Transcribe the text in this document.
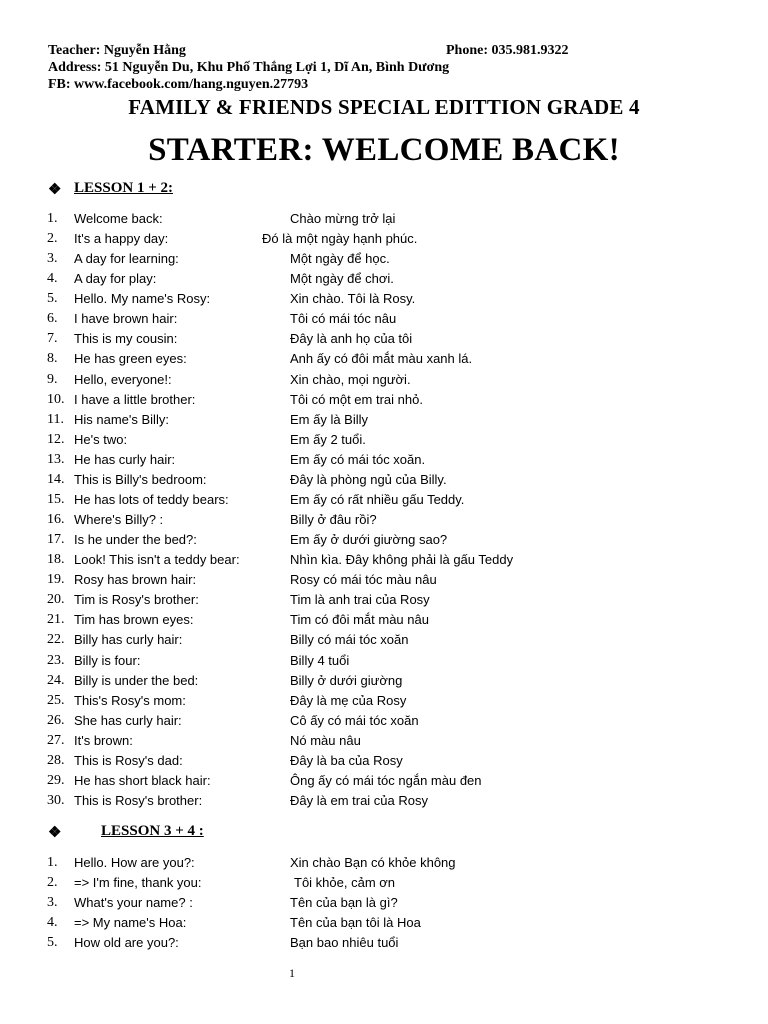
Teacher: Nguyễn Hằng	Phone: 035.981.9322
Address: 51 Nguyễn Du, Khu Phố Thắng Lợi 1, Dĩ An, Bình Dương
FB: www.facebook.com/hang.nguyen.27793
FAMILY & FRIENDS SPECIAL EDITTION GRADE 4
STARTER: WELCOME BACK!
❖ LESSON 1 + 2:
1. Welcome back:	Chào mừng trở lại
2. It's a happy day:	Đó là một ngày hạnh phúc.
3. A day for learning:	Một ngày để học.
4. A day for play:	Một ngày để chơi.
5. Hello. My name's Rosy:	Xin chào. Tôi là Rosy.
6. I have brown hair:	Tôi có mái tóc nâu
7. This is my cousin:	Đây là anh họ của tôi
8. He has green eyes:	Anh ấy có đôi mắt màu xanh lá.
9. Hello, everyone!:	Xin chào, mọi người.
10. I have a little brother:	Tôi có một em trai nhỏ.
11. His name's Billy:	Em ấy là Billy
12. He's two:	Em ấy 2 tuổi.
13. He has curly hair:	Em ấy có mái tóc xoăn.
14. This is Billy's bedroom:	Đây là phòng ngủ của Billy.
15. He has lots of teddy bears:	Em ấy có rất nhiều gấu Teddy.
16. Where's Billy? :	Billy ở đâu rồi?
17. Is he under the bed?:	Em ấy ở dưới giường sao?
18. Look! This isn't a teddy bear:	Nhìn kìa. Đây không phải là gấu Teddy
19. Rosy has brown hair:	Rosy có mái tóc màu nâu
20. Tim is Rosy's brother:	Tim là anh trai của Rosy
21. Tim has brown eyes:	Tim có đôi mắt màu nâu
22. Billy has curly hair:	Billy có mái tóc xoăn
23. Billy is four:	Billy 4 tuổi
24. Billy is under the bed:	Billy ở dưới giường
25. This's Rosy's mom:	Đây là mẹ của Rosy
26. She has curly hair:	Cô ấy có mái tóc xoăn
27. It's brown:	Nó màu nâu
28. This is Rosy's dad:	Đây là ba của Rosy
29. He has short black hair:	Ông ấy có mái tóc ngắn màu đen
30. This is Rosy's brother:	Đây là em trai của Rosy
❖	LESSON 3 + 4 :
1. Hello. How are you?:	Xin chào Bạn có khỏe không
2. => I'm fine, thank you:	Tôi khỏe, cảm ơn
3. What's your name? :	Tên của bạn là gì?
4. => My name's Hoa:	Tên của bạn tôi là Hoa
5. How old are you?:	Bạn bao nhiêu tuổi
1
